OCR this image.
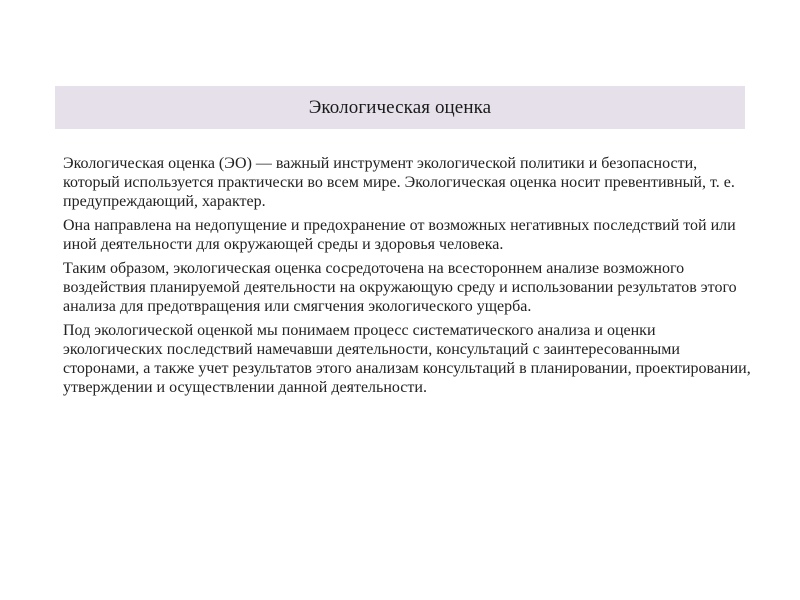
Экологическая оценка

Экологическая оценка (ЭО) — важный инструмент экологической политики и безопасности, который используется практически во всем мире. Экологическая оценка носит превентивный, т. е. предупреждающий, характер.

Она направлена на недопущение и предохранение от возможных негативных последствий той или иной деятельности для окружающей среды и здоровья человека.

Таким образом, экологическая оценка сосредоточена на всестороннем анализе возможного воздействия планируемой деятельности на окружающую среду и использовании результатов этого анализа для предотвращения или смягчения экологического ущерба.

Под экологической оценкой мы понимаем процесс систематического анализа и оценки экологических последствий намечавши деятельности, консультаций с заинтересованными сторонами, а также учет результатов этого анализам консультаций в планировании, проектировании, утверждении и осуществлении данной деятельности.
